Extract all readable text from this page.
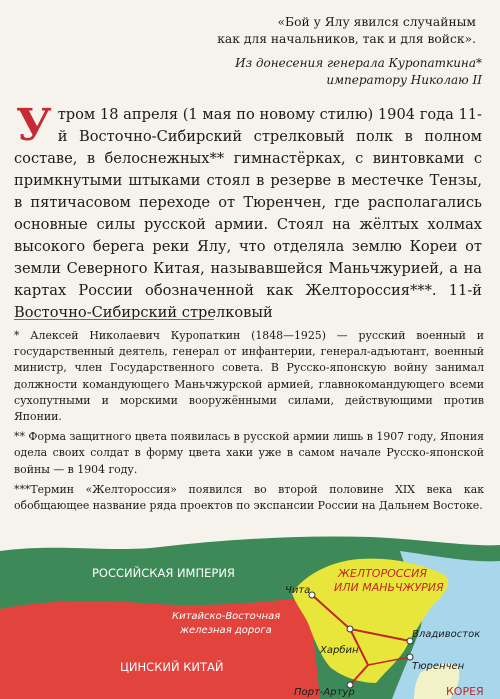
«Бой у Ялу явился случайным
как для начальников, так и для войск».
Из донесения генерала Куропаткина* императору Николаю II
Утром 18 апреля (1 мая по новому стилю) 1904 года 11-й Восточно-Сибирский стрелковый полк в полном составе, в белоснежных** гимнастёрках, с винтовками с примкнутыми штыками стоял в резерве в местечке Тензы, в пятичасовом переходе от Тюренчен, где располагались основные силы русской армии. Стоял на жёлтых холмах высокого берега реки Ялу, что отделяла землю Кореи от земли Северного Китая, называвшейся Маньчжурией, а на картах России обозначенной как Желтороссия***. 11-й Восточно-Сибирский стрелковый

* Алексей Николаевич Куропаткин (1848—1925) — русский военный и государственный деятель, генерал от инфантерии, генерал-адъютант, военный министр, член Государственного совета. В Русско-японскую войну занимал должности командующего Маньчжурской армией, главнокомандующего всеми сухопутными и морскими вооружёнными силами, действующими против Японии.

** Форма защитного цвета появилась в русской армии лишь в 1907 году, Япония одела своих солдат в форму цвета хаки уже в самом начале Русско-японской войны — в 1904 году.

***Термин «Желтороссия» появился во второй половине XIX века как обобщающее название ряда проектов по экспансии России на Дальнем Востоке.

РОССИЙСКАЯ ИМПЕРИЯ	ЖЕЛТОРОССИЯ
ИЛИ МАНЬЧЖУРИЯ
Китайско-Восточная
железная дорога
ЦИНСКИЙ КИТАЙ
КОРЕЯ
Чита
Владивосток
Харбин
Тюренчен
Порт-Артур
